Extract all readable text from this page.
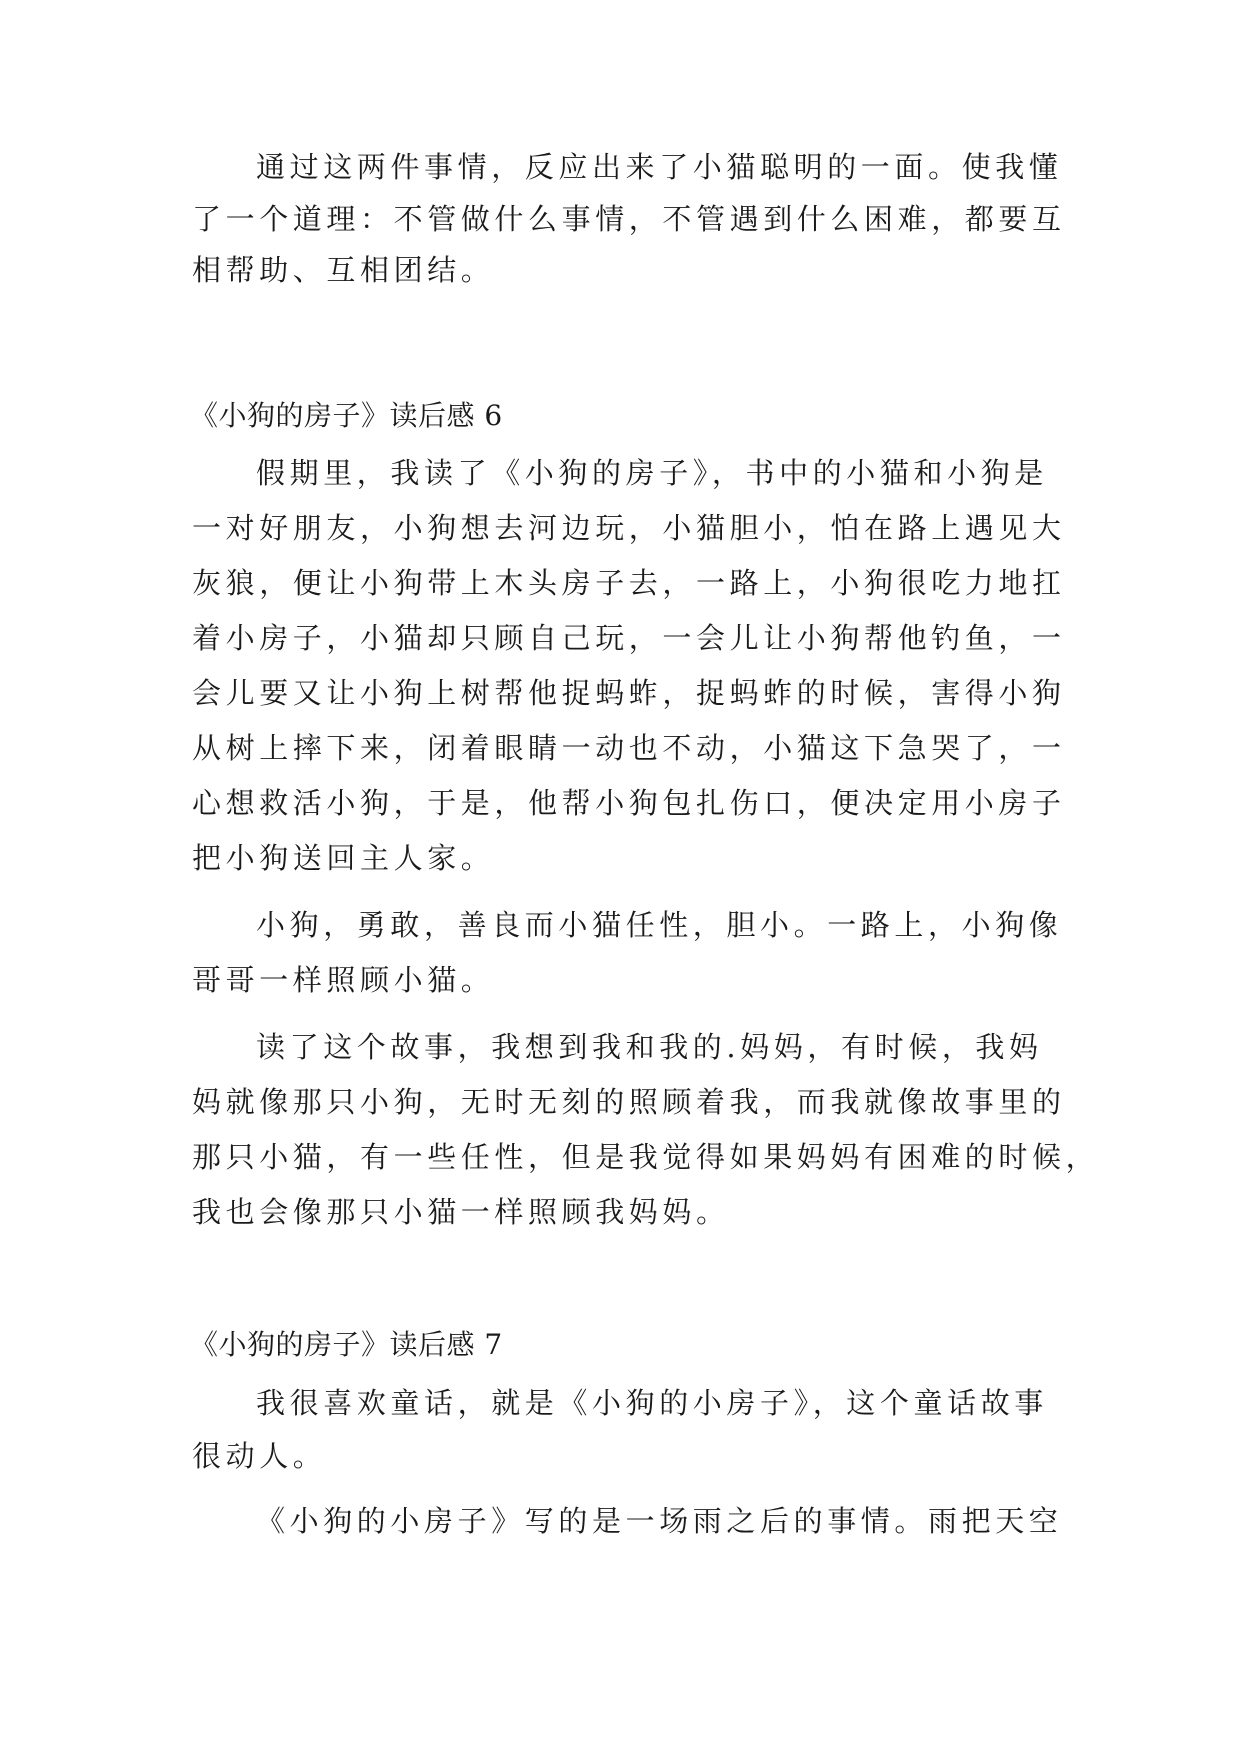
通过这两件事情，反应出来了小猫聪明的一面。使我懂
了一个道理：不管做什么事情，不管遇到什么困难，都要互
相帮助、互相团结。
《小狗的房子》读后感 6
假期里，我读了《小狗的房子》，书中的小猫和小狗是
一对好朋友，小狗想去河边玩，小猫胆小，怕在路上遇见大
灰狼，便让小狗带上木头房子去，一路上，小狗很吃力地扛
着小房子，小猫却只顾自己玩，一会儿让小狗帮他钓鱼，一
会儿要又让小狗上树帮他捉蚂蚱，捉蚂蚱的时候，害得小狗
从树上摔下来，闭着眼睛一动也不动，小猫这下急哭了，一
心想救活小狗，于是，他帮小狗包扎伤口，便决定用小房子
把小狗送回主人家。
小狗，勇敢，善良而小猫任性，胆小。一路上，小狗像
哥哥一样照顾小猫。
读了这个故事，我想到我和我的.妈妈，有时候，我妈
妈就像那只小狗，无时无刻的照顾着我，而我就像故事里的
那只小猫，有一些任性，但是我觉得如果妈妈有困难的时候，
我也会像那只小猫一样照顾我妈妈。
《小狗的房子》读后感 7
我很喜欢童话，就是《小狗的小房子》，这个童话故事
很动人。
《小狗的小房子》写的是一场雨之后的事情。雨把天空
